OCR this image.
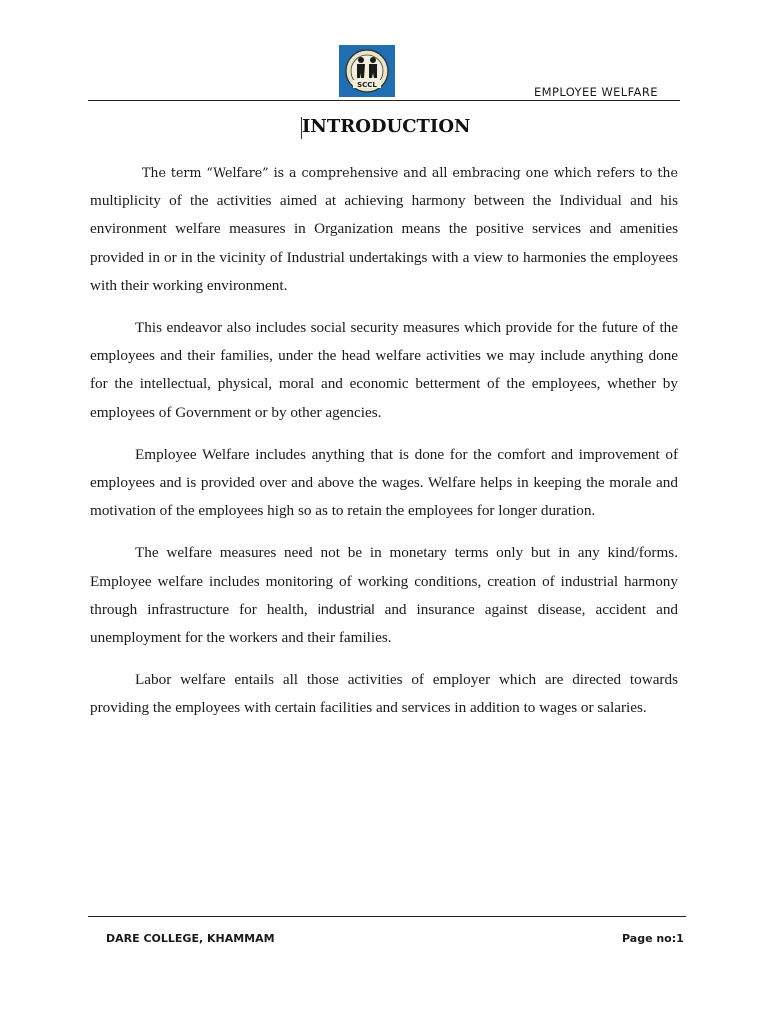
SCCL	EMPLOYEE WELFARE
INTRODUCTION

The term “Welfare” is a comprehensive and all embracing one which refers to the multiplicity of the activities aimed at achieving harmony between the Individual and his environment welfare measures in Organization means the positive services and amenities provided in or in the vicinity of Industrial undertakings with a view to harmonies the employees with their working environment.

This endeavor also includes social security measures which provide for the future of the employees and their families, under the head welfare activities we may include anything done for the intellectual, physical, moral and economic betterment of the employees, whether by employees of Government or by other agencies.

Employee Welfare includes anything that is done for the comfort and improvement of employees and is provided over and above the wages. Welfare helps in keeping the morale and motivation of the employees high so as to retain the employees for longer duration.

The welfare measures need not be in monetary terms only but in any kind/forms. Employee welfare includes monitoring of working conditions, creation of industrial harmony through infrastructure for health, industrial and insurance against disease, accident and unemployment for the workers and their families.

Labor welfare entails all those activities of employer which are directed towards providing the employees with certain facilities and services in addition to wages or salaries.

DARE COLLEGE, KHAMMAM	Page no:1
